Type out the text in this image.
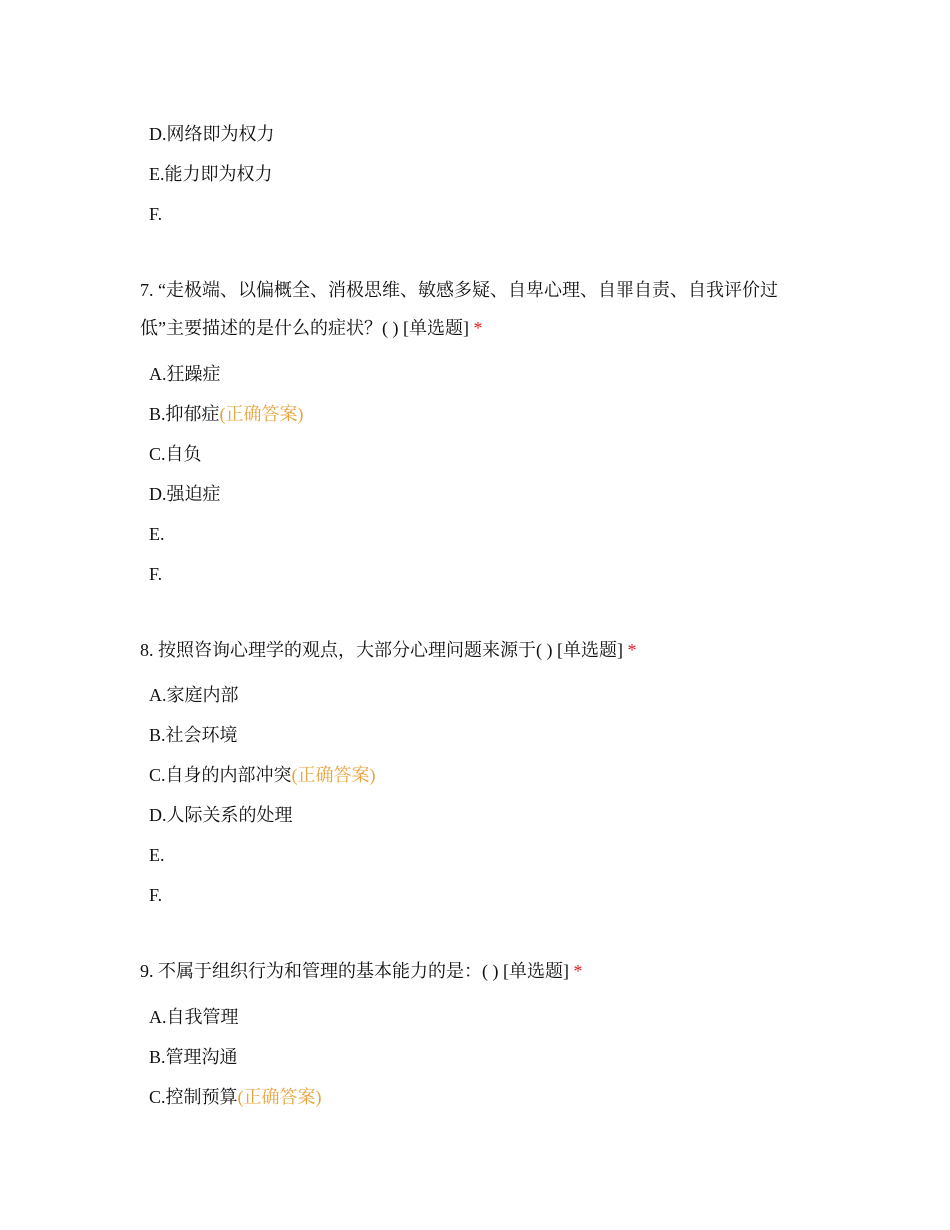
D.网络即为权力
E.能力即为权力
F.
7. “走极端、以偏概全、消极思维、敏感多疑、自卑心理、自罪自责、自我评价过低”主要描述的是什么的症状？( ) [单选题] *
A.狂躁症
B.抑郁症(正确答案)
C.自负
D.强迫症
E.
F.
8. 按照咨询心理学的观点，大部分心理问题来源于( ) [单选题] *
A.家庭内部
B.社会环境
C.自身的内部冲突(正确答案)
D.人际关系的处理
E.
F.
9. 不属于组织行为和管理的基本能力的是：( ) [单选题] *
A.自我管理
B.管理沟通
C.控制预算(正确答案)
